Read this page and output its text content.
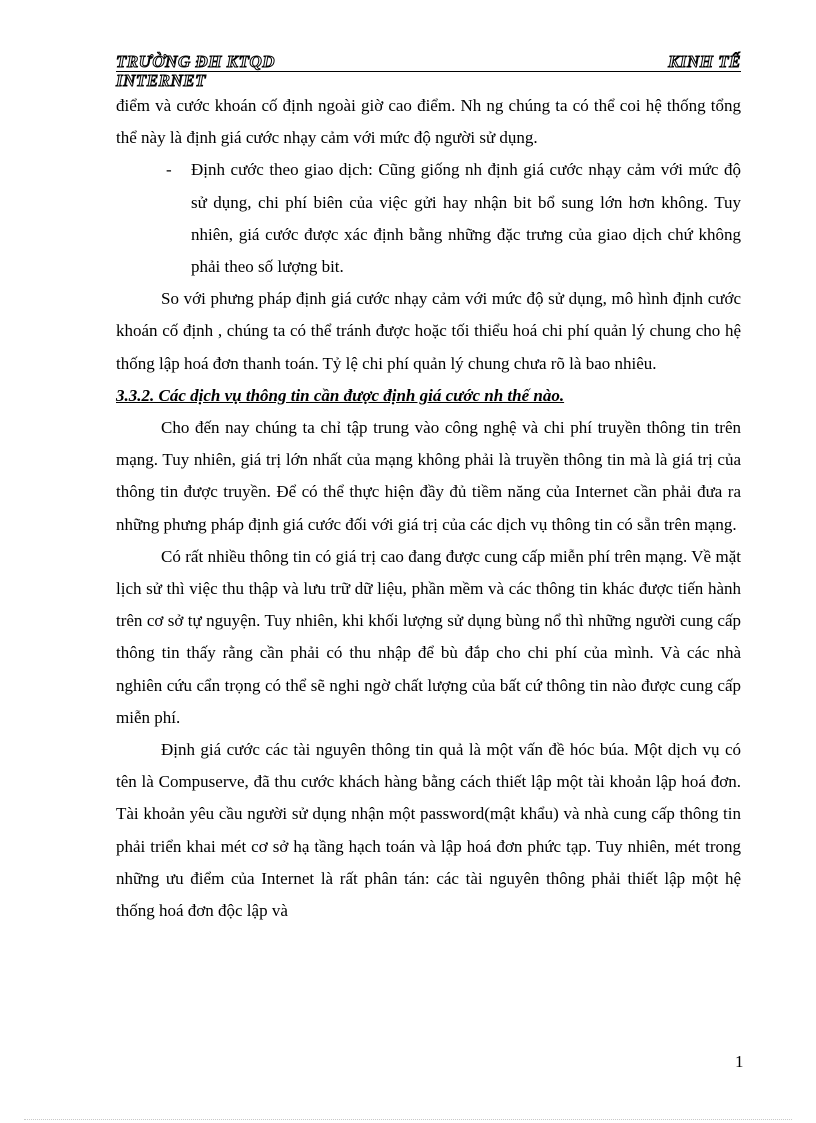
TRƯỜNG ĐH KTQD	KINH TẾ
INTERNET

điểm và cước khoán cố định ngoài giờ cao điểm. Nh ng chúng ta có thể coi hệ thống tổng thể này là định giá cước nhạy cảm với mức độ người sử dụng.

- Định cước theo giao dịch: Cũng giống nh định giá cước nhạy cảm với mức độ sử dụng, chi phí biên của việc gửi hay nhận bit bổ sung lớn hơn không. Tuy nhiên, giá cước được xác định bằng những đặc trưng của giao dịch chứ không phải theo số lượng bit.

So với phưng pháp định giá cước nhạy cảm với mức độ sử dụng, mô hình định cước khoán cố định , chúng ta có thể tránh được hoặc tối thiểu hoá chi phí quản lý chung cho hệ thống lập hoá đơn thanh toán. Tỷ lệ chi phí quản lý chung chưa rõ là bao nhiêu.

3.3.2. Các dịch vụ thông tin cần được định giá cước nh thế nào.

Cho đến nay chúng ta chỉ tập trung vào công nghệ và chi phí truyền thông tin trên mạng. Tuy nhiên, giá trị lớn nhất của mạng không phải là truyền thông tin mà là giá trị của thông tin được truyền. Để có thể thực hiện đầy đủ tiềm năng của Internet cần phải đưa ra những phưng pháp định giá cước đối với giá trị của các dịch vụ thông tin có sẵn trên mạng.

Có rất nhiều thông tin có giá trị cao đang được cung cấp miễn phí trên mạng. Về mặt lịch sử thì việc thu thập và lưu trữ dữ liệu, phần mềm và các thông tin khác được tiến hành trên cơ sở tự nguyện. Tuy nhiên, khi khối lượng sử dụng bùng nổ thì những người cung cấp thông tin thấy rằng cần phải có thu nhập để bù đắp cho chi phí của mình. Và các nhà nghiên cứu cẩn trọng có thể sẽ nghi ngờ chất lượng của bất cứ thông tin nào được cung cấp miễn phí.

Định giá cước các tài nguyên thông tin quả là một vấn đề hóc búa. Một dịch vụ có tên là Compuserve, đã thu cước khách hàng bằng cách thiết lập một tài khoản lập hoá đơn. Tài khoản yêu cầu người sử dụng nhận một password(mật khẩu) và nhà cung cấp thông tin phải triển khai mét cơ sở hạ tầng hạch toán và lập hoá đơn phức tạp. Tuy nhiên, mét trong những ưu điểm của Internet là rất phân tán: các tài nguyên thông phải thiết lập một hệ thống hoá đơn độc lập và

1
